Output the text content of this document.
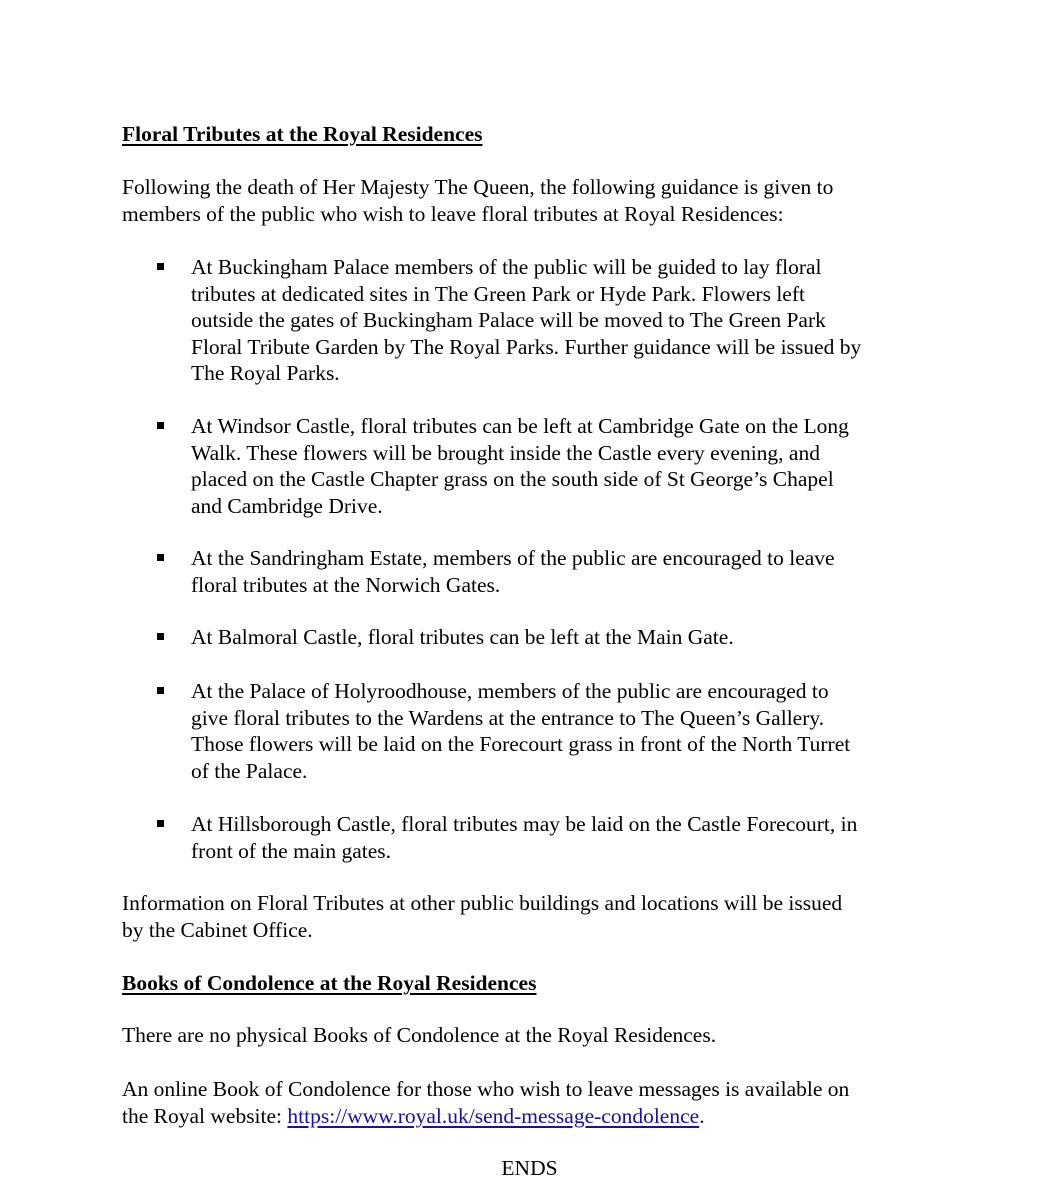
Floral Tributes at the Royal Residences
Following the death of Her Majesty The Queen, the following guidance is given to
members of the public who wish to leave floral tributes at Royal Residences:
At Buckingham Palace members of the public will be guided to lay floral
tributes at dedicated sites in The Green Park or Hyde Park. Flowers left
outside the gates of Buckingham Palace will be moved to The Green Park
Floral Tribute Garden by The Royal Parks. Further guidance will be issued by
The Royal Parks.
At Windsor Castle, floral tributes can be left at Cambridge Gate on the Long
Walk. These flowers will be brought inside the Castle every evening, and
placed on the Castle Chapter grass on the south side of St George’s Chapel
and Cambridge Drive.
At the Sandringham Estate, members of the public are encouraged to leave
floral tributes at the Norwich Gates.
At Balmoral Castle, floral tributes can be left at the Main Gate.
At the Palace of Holyroodhouse, members of the public are encouraged to
give floral tributes to the Wardens at the entrance to The Queen’s Gallery.
Those flowers will be laid on the Forecourt grass in front of the North Turret
of the Palace.
At Hillsborough Castle, floral tributes may be laid on the Castle Forecourt, in
front of the main gates.
Information on Floral Tributes at other public buildings and locations will be issued
by the Cabinet Office.
Books of Condolence at the Royal Residences
There are no physical Books of Condolence at the Royal Residences.
An online Book of Condolence for those who wish to leave messages is available on
the Royal website: https://www.royal.uk/send-message-condolence.
ENDS
